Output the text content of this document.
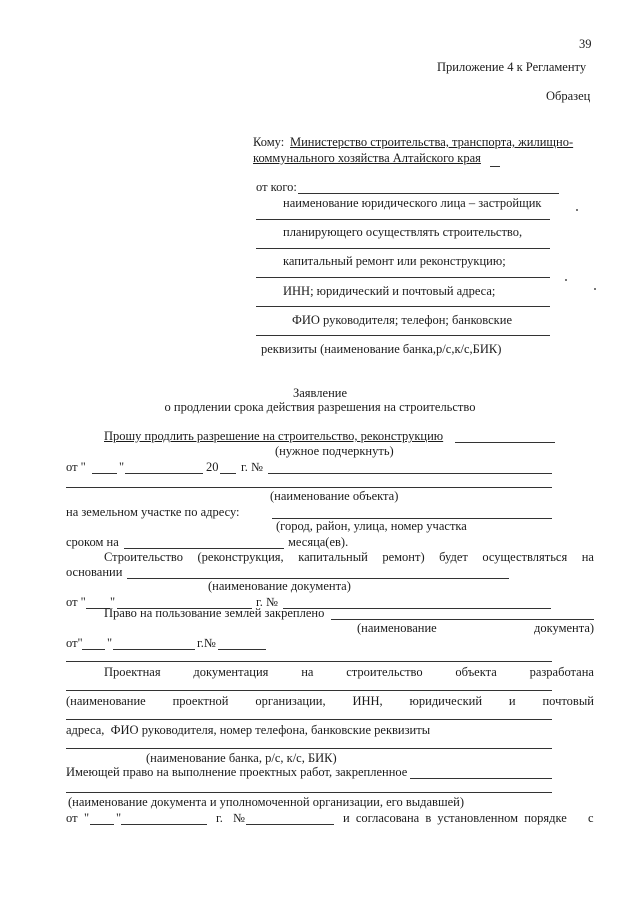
39
Приложение 4 к Регламенту
Образец
Кому: Министерство строительства, транспорта, жилищно-
коммунального хозяйства Алтайского края
от кого:
наименование юридического лица – застройщик
планирующего осуществлять строительство,
капитальный ремонт или реконструкцию;
ИНН; юридический и почтовый адреса;
ФИО руководителя; телефон; банковские
реквизиты (наименование банка,р/с,к/с,БИК)
Заявление
о продлении срока действия разрешения на строительство
Прошу продлить разрешение на строительство, реконструкцию
(нужное подчеркнуть)
от "	"	20 г. №
(наименование объекта)
на земельном участке по адресу:
(город, район, улица, номер участка
сроком на	месяца(ев).
Строительство (реконструкция, капитальный ремонт) будет осуществляться на
основании
(наименование документа)
от " "	г. №
Право на пользование землей закреплено
(наименование	документа)
от" "	г.№
Проектная	документация	на	строительство	объекта	разработана
(наименование проектной организации, ИНН, юридический и почтовый
адреса,  ФИО руководителя, номер телефона, банковские реквизиты
(наименование банка, р/с, к/с, БИК)
Имеющей право на выполнение проектных работ, закрепленное
(наименование документа и уполномоченной организации, его выдавшей)
от " "	г. №	и согласована в установленном порядке с
